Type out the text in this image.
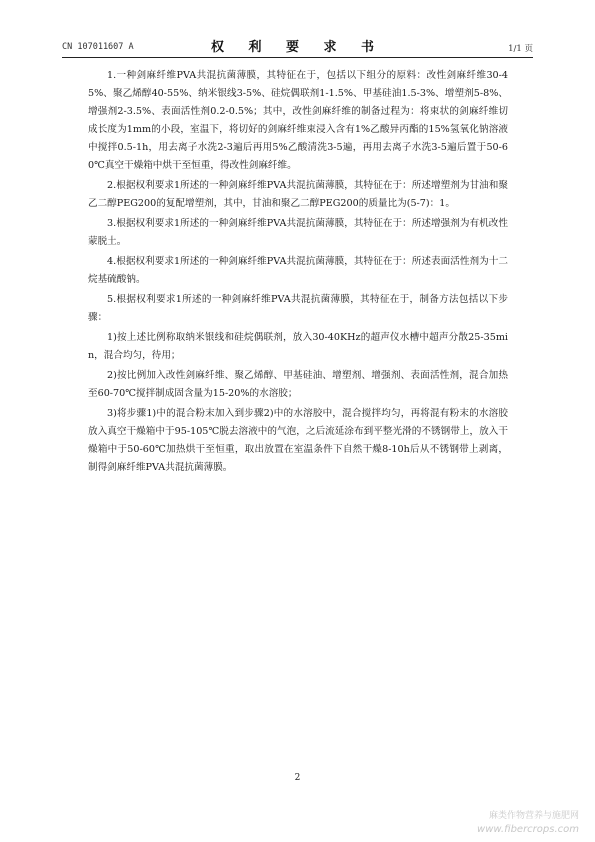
CN 107011607 A	权 利 要 求 书	1/1 页

1.一种剑麻纤维PVA共混抗菌薄膜，其特征在于，包括以下组分的原料：改性剑麻纤维30-45%、聚乙烯醇40-55%、纳米银线3-5%、硅烷偶联剂1-1.5%、甲基硅油1.5-3%、增塑剂5-8%、增强剂2-3.5%、表面活性剂0.2-0.5%；其中，改性剑麻纤维的制备过程为：将束状的剑麻纤维切成长度为1mm的小段，室温下，将切好的剑麻纤维束浸入含有1%乙酸异丙酯的15%氢氧化钠溶液中搅拌0.5-1h，用去离子水洗2-3遍后再用5%乙酸清洗3-5遍，再用去离子水洗3-5遍后置于50-60℃真空干燥箱中烘干至恒重，得改性剑麻纤维。

2.根据权利要求1所述的一种剑麻纤维PVA共混抗菌薄膜，其特征在于：所述增塑剂为甘油和聚乙二醇PEG200的复配增塑剂，其中，甘油和聚乙二醇PEG200的质量比为(5-7)：1。

3.根据权利要求1所述的一种剑麻纤维PVA共混抗菌薄膜，其特征在于：所述增强剂为有机改性蒙脱土。

4.根据权利要求1所述的一种剑麻纤维PVA共混抗菌薄膜，其特征在于：所述表面活性剂为十二烷基硫酸钠。

5.根据权利要求1所述的一种剑麻纤维PVA共混抗菌薄膜，其特征在于，制备方法包括以下步骤：

1)按上述比例称取纳米银线和硅烷偶联剂，放入30-40KHz的超声仪水槽中超声分散25-35min，混合均匀，待用；

2)按比例加入改性剑麻纤维、聚乙烯醇、甲基硅油、增塑剂、增强剂、表面活性剂，混合加热至60-70℃搅拌制成固含量为15-20%的水溶胶；

3)将步骤1)中的混合粉末加入到步骤2)中的水溶胶中，混合搅拌均匀，再将混有粉末的水溶胶放入真空干燥箱中于95-105℃脱去溶液中的气泡，之后流延涂布到平整光滑的不锈钢带上，放入干燥箱中于50-60℃加热烘干至恒重，取出放置在室温条件下自然干燥8-10h后从不锈钢带上剥离，制得剑麻纤维PVA共混抗菌薄膜。

2
麻类作物营养与施肥网
www.fibercrops.com
